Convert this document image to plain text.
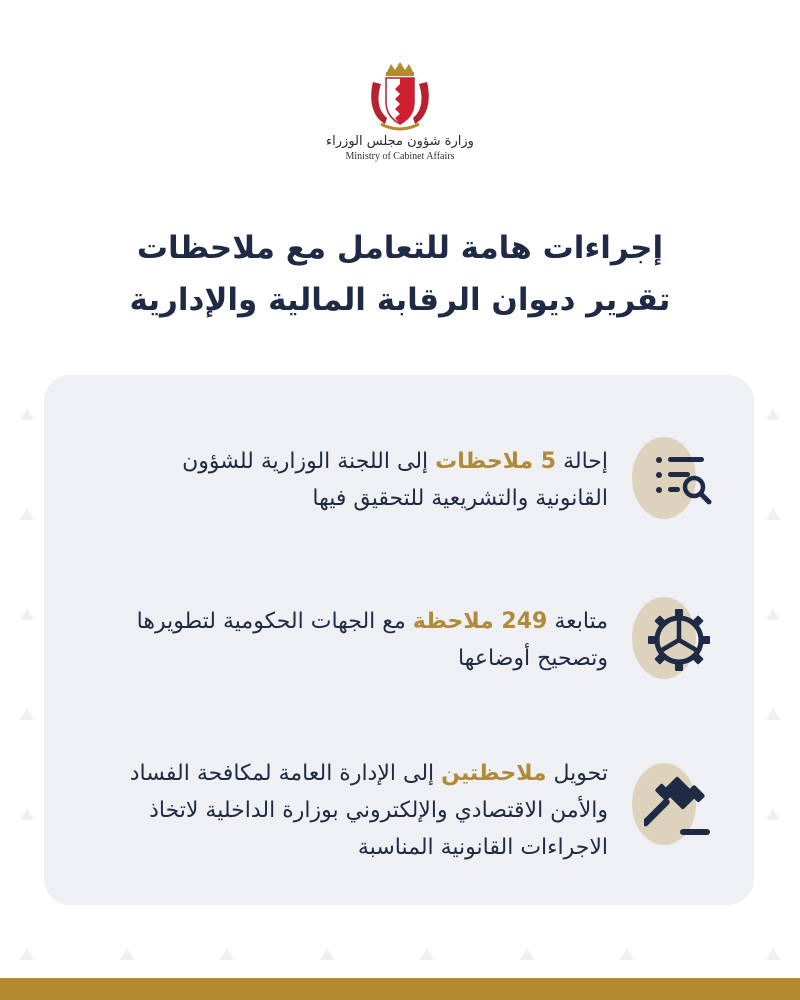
وزارة شؤون مجلس الوزراء
Ministry of Cabinet Affairs
إجراءات هامة للتعامل مع ملاحظات
تقرير ديوان الرقابة المالية والإدارية

إحالة 5 ملاحظات إلى اللجنة الوزارية للشؤون

القانونية والتشريعية للتحقيق فيها

متابعة 249 ملاحظة مع الجهات الحكومية لتطويرها

وتصحيح أوضاعها

تحويل ملاحظتين إلى الإدارة العامة لمكافحة الفساد

والأمن الاقتصادي والإلكتروني بوزارة الداخلية لاتخاذ

الاجراءات القانونية المناسبة
